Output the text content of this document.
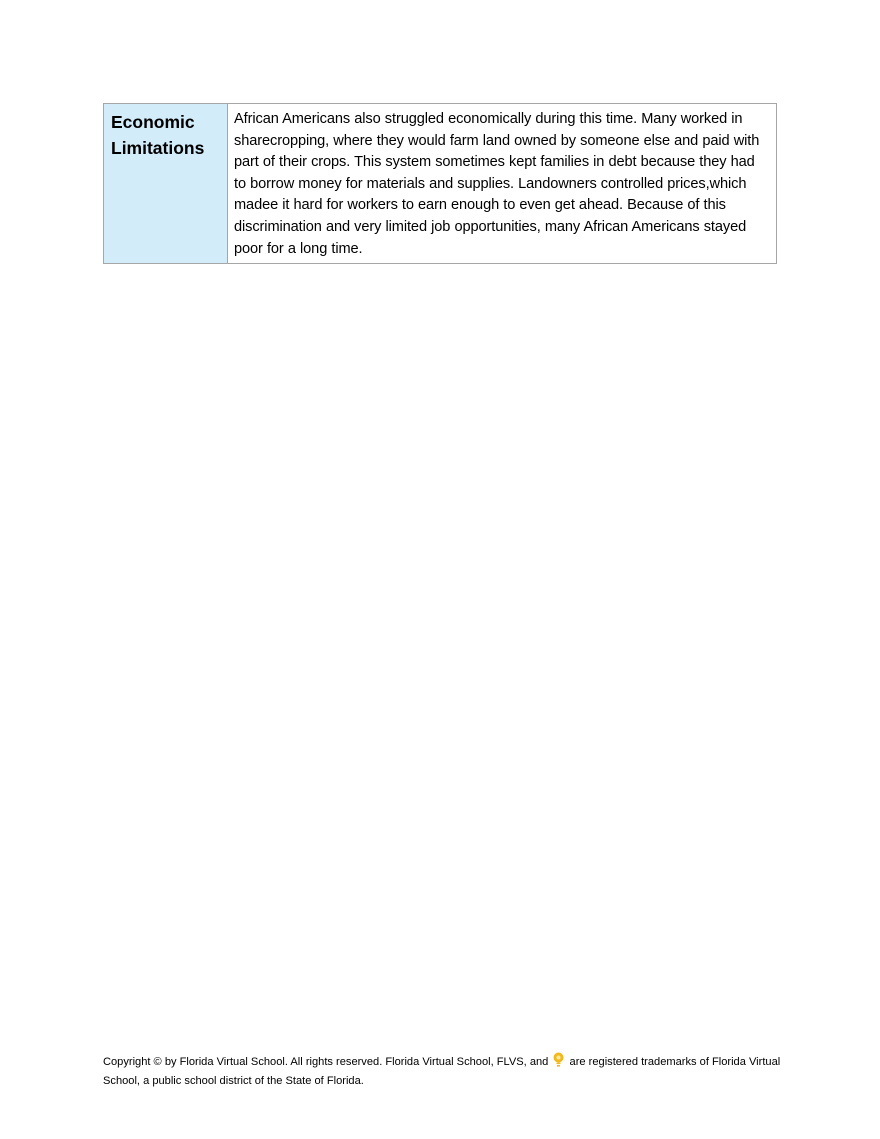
Economic
Limitations

African Americans also struggled economically during this time. Many worked in sharecropping, where they would farm land owned by someone else and paid with part of their crops. This system sometimes kept families in debt because they had to borrow money for materials and supplies. Landowners controlled prices,which madee it hard for workers to earn enough to even get ahead. Because of this discrimination and very limited job opportunities, many African Americans stayed poor for a long time.
Copyright © by Florida Virtual School. All rights reserved. Florida Virtual School, FLVS, and are registered trademarks of Florida Virtual School, a public school district of the State of Florida.
